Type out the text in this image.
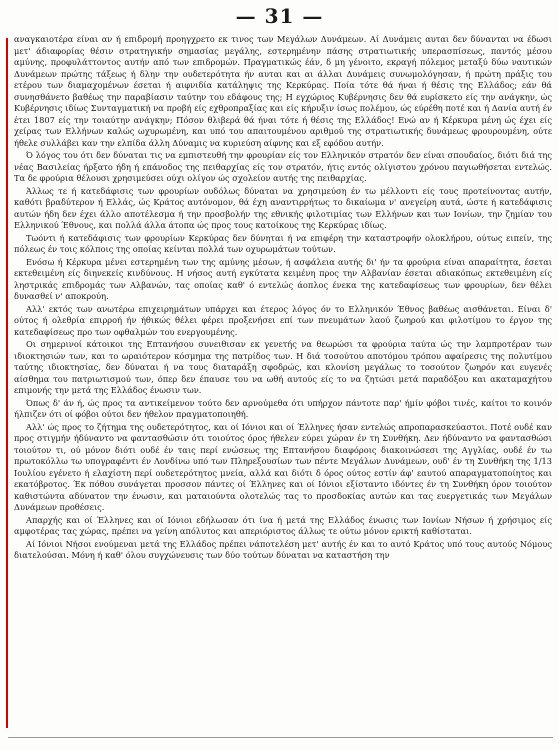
— 31 —

αναγκαιοτέρα είναι αν ή επιδρομή προηγχρετο εκ τινος των Μεγάλων Δυνάμεων. Αί Δυνάμεις αυται δεν δύνανται να έδωσι μετ' άδιαφορίας θέσιν στρατηγικήν σημασίας μεγάλης, εστερημένην πάσης στρατιωτικής υπερασπίσεως, παντός μέσου αμύνης, προφυλάττοντος αυτήν από των επιδρομών. Πραγματικώς έάν, δ μη γένοιτο, εκραγή πόλεμος μεταξύ δύω ναυτικών Δυνάμεων πρώτης τάξεως ή δλην την ουδετερότητα ήν αυται και αι άλλαι Δυνάμεις συνωμολόγησαν, ή πρώτη πράξις του ετέρου των διαμαχομένων έσεται ή αιφνιδία κατάληψις της Κερκύρας. Ποία τότε θά ήναι ή θέσις της Ελλάδος; εάν θά συνησθάνετο βαθέως την παραβίασιν ταύτην του εδάφους της; Η εγχώριος Κυβέρνησις δεν θά ευρίσκετο είς την ανάγκην, ώς Κυβέρνησις ιδίως Συνταγματική να προβή είς εχθροπραξίας και είς κήρυξιν ίσως πολέμου, ώς εύρέθη ποτέ και ή Δανία αυτή έν έτει 1807 είς την τοιαύτην ανάγκην; Πόσον θλιβερά θά ήναι τότε ή θέσις της Ελλάδος! Ενώ αν ή Κέρκυρα μένη ώς έχει είς χείρας των Ελλήνων καλώς ωχυρωμένη, και υπό του απαιτουμένου αριθμού της στρατιωτικής δυνάμεως φρουρουμένη, ούτε ήθελε συλλάβει καν την ελπίδα άλλη Δύναμις να κυριεύση αίφνης και εξ εφόδου αυτήν.

Ό λόγος του ότι δεν δύναται τις να εμπιστευθή την φρουρίαν είς τον Ελληνικόν στρατόν δεν είναι σπουδαίος, διότι διά της νέας Βασιλείας ήρξατο ήδη ή επάνοδος της πειθαρχίας είς τον στρατόν, ήτις εντός ολίγιστου χρόνου παγιωθήσεται εντελώς. Τα δε φρούρια θέλουσι χρησιμεύσει ούχι ολίγον ώς σχολείον αυτής της πειθαρχίας.

Άλλως τε ή κατεδάφισις των φρουρίων ουδόλως δύναται να χρησιμεύση έν τω μέλλοντι είς τους προτείνοντας αυτήν, καθότι βραδύτερον ή Ελλάς, ώς Κράτος αυτόνομον, θά έχη αναντιρρήτως το δικαίωμα ν' ανεγείρη αυτά, ώστε ή κατεδάφισις αυτών ήδη δεν έχει άλλο αποτέλεσμα ή την προσβολήν της εθνικής φιλοτιμίας των Ελλήνων και των Ιονίων, την ζημίαν του Ελληνικού Έθνους, και πολλά άλλα άτοπα ώς προς τους κατοίκους της Κερκύρας ιδίως.

Τωόντι ή κατεδάφισις των φρουρίων Κερκύρας δεν δύνηται ή να επιφέρη την καταστροφήν ολοκλήρου, ούτως ειπείν, της πόλεως έν τοις κόλποις της οποίας κείνται πολλά των οχυρωμάτων τούτων.

Ενόσω ή Κέρκυρα μένει εστερημένη των της αμύνης μέσων, ή ασφάλεια αυτής δι' ήν τα φρούρια είναι απαραίτητα, έσεται εκτεθειμένη είς διηνεκείς κινδύνους. Η νήσος αυτή εγκύτατα κειμένη προς την Αλβανίαν έσεται αδιακόπως εκτεθειμένη είς ληστρικάς επιδρομάς των Αλβανών, τας οποίας καθ' ό εντελώς άοπλος ένεκα της κατεδαφίσεως των φρουρίων, δεν θέλει δυνασθεί ν' αποκρούη.

Αλλ' εκτός των ανωτέρω επιχειρημάτων υπάρχει και έτερος λόγος όν το Ελληνικόν Έθνος βαθέως αισθάνεται. Είναι δ' ούτος ή ολεθρία επιρροή ήν ήθικώς θέλει φέρει προξενήσει επί των πνευμάτων λαού ζωηρού και φιλοτίμου το έργον της κατεδαφίσεως προ των οφθαλμών του ενεργουμένης.

Οι σημερινοί κάτοικοι της Επτανήσου συνειθισαν εκ γενετής να θεωρώσι τα φρούρια ταύτα ώς την λαμπροτέραν των ιδιοκτησιών των, και το ωραιότερον κόσμημα της πατρίδος των. Η διά τοσούτου αποτόμου τρόπου αφαίρεσις της πολυτίμου ταύτης ιδιοκτησίας, δεν δύναται ή να τους διαταράξη σφοδρώς, και κλονίση μεγάλως το τοσούτον ζωηρόν και ευγενές αίσθημα του πατριωτισμού των, όπερ δεν έπαυσε του να ωθή αυτούς είς το να ζητώσι μετά παραδόξου και ακαταμαχήτου επιμονής την μετά της Ελλάδος ένωσιν των.

Όπως δ' άν ή, ώς προς τα αντικείμενον τούτο δεν αρνούμεθα ότι υπήρχον πάντοτε παρ' ήμίν φόβοι τινές, καίτοι το κοινόν ήλπιζεν ότι οί φόβοι ούτοι δεν ήθελον πραγματοποιηθή.

Αλλ' ώς προς το ζήτημα της ουδετερότητος, και οί Ιόνιοι και οί Έλληνες ήσαν εντελώς απροπαρασκεύαστοι. Ποτέ ουδέ καν προς στιγμήν ήδύναντο να φαντασθώσιν ότι τοιούτος όρος ήθελεν εύρει χώραν έν τη Συνθήκη. Δεν ήδύναντο να φαντασθώσι τοιούτον τι, ού μόνον διότι ουδέ έν ταις περί ενώσεως της Επτανήσου διαφόροις διακοινώσεσι της Αγγλίας, ουδέ έν τω πρωτοκόλλω τω υπογραφέντι έν Λονδίνω υπό των Πληρεξουσίων των πέντε Μεγάλων Δυνάμεων, ουδ' έν τη Συνθήκη της 1/13 Ιουλίου εγένετο ή ελαχίστη περί ουδετερότητος μνεία, αλλά και διότι δ όρος ούτος εστίν άφ' εαυτού απαραγματοποίητος και εκατόβροτος. Έκ πόθου συνάγεται προσσον πάντες οί Έλληνες και οί Ιόνιοι εξίσταντο ιδόντες έν τη Συνθήκη όρον τοιούτον καθιστώντα αδύνατον την ένωσιν, και ματαιούντα ολοτελώς τας το προσδοκίας αυτών και τας ευεργετικάς των Μεγάλων Δυνάμεων προθέσεις.

Απαρχής και οί Έλληνες και οί Ιόνιοι εδήλωσαν ότι ίνα ή μετά της Ελλάδος ένωσις των Ιονίων Νήσων ή χρήσιμος είς αμφοτέρας τας χώρας, πρέπει να γείνη απόλυτος και απεριόριστος άλλως τε ούτω μόνον ερικτή καθίσταται.

Αί Ιόνιοι Νήσοι ενούμεναι μετά της Ελλάδος πρέπει νάποτελέση μετ' αυτής έν και το αυτό Κράτος υπό τους αυτούς Νόμους διατελούσαι. Μόνη ή καθ' όλου συγχώνευσις των δύο τούτων δύναται να καταστήση την
